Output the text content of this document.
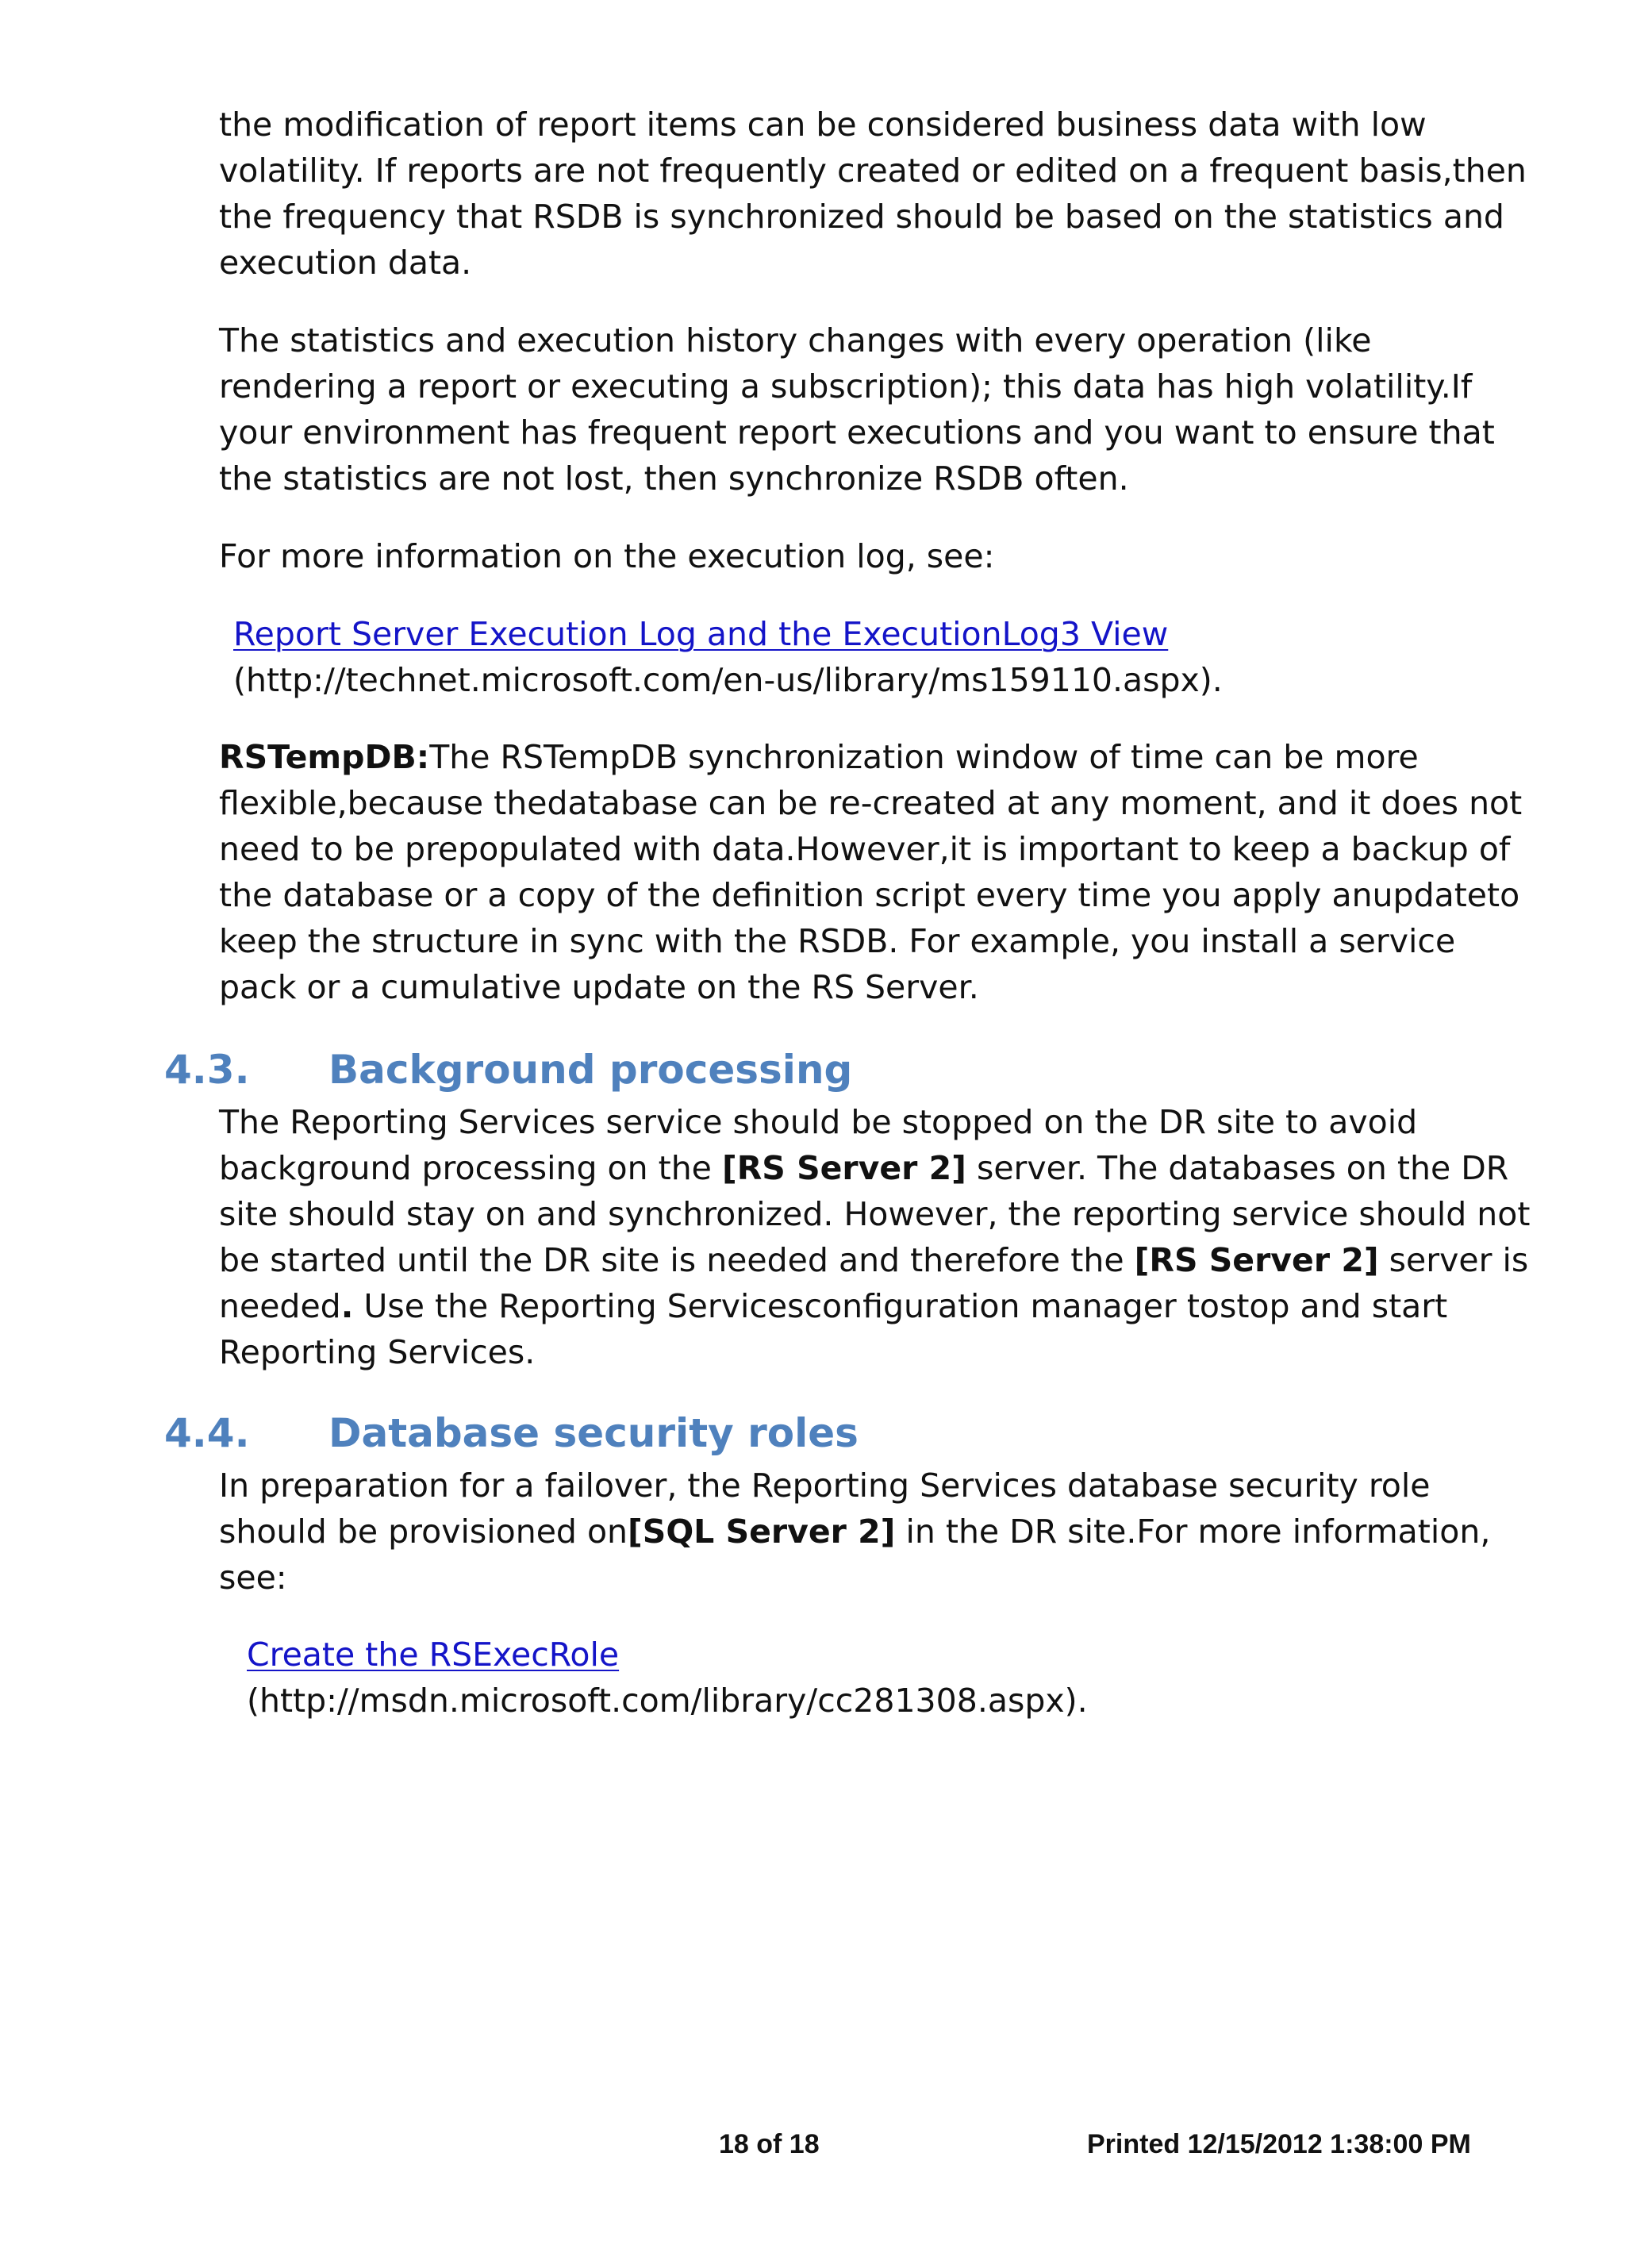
the modification of report items can be considered business data with low volatility. If reports are not frequently created or edited on a frequent basis,then the frequency that RSDB is synchronized should be based on the statistics and execution data.

The statistics and execution history changes with every operation (like rendering a report or executing a subscription); this data has high volatility.If your environment has frequent report executions and you want to ensure that the statistics are not lost, then synchronize RSDB often.

For more information on the execution log, see:

Report Server Execution Log and the ExecutionLog3 View
(http://technet.microsoft.com/en-us/library/ms159110.aspx).

RSTempDB:The RSTempDB synchronization window of time can be more flexible,because thedatabase can be re-created at any moment, and it does not need to be prepopulated with data.However,it is important to keep a backup of the database or a copy of the definition script every time you apply anupdateto keep the structure in sync with the RSDB. For example, you install a service pack or a cumulative update on the RS Server.

4.3. Background processing

The Reporting Services service should be stopped on the DR site to avoid background processing on the [RS Server 2] server. The databases on the DR site should stay on and synchronized. However, the reporting service should not be started until the DR site is needed and therefore the [RS Server 2] server is needed. Use the Reporting Servicesconfiguration manager tostop and start Reporting Services.

4.4. Database security roles

In preparation for a failover, the Reporting Services database security role should be provisioned on[SQL Server 2] in the DR site.For more information, see:

Create the RSExecRole
(http://msdn.microsoft.com/library/cc281308.aspx).

18 of 18	Printed 12/15/2012 1:38:00 PM
